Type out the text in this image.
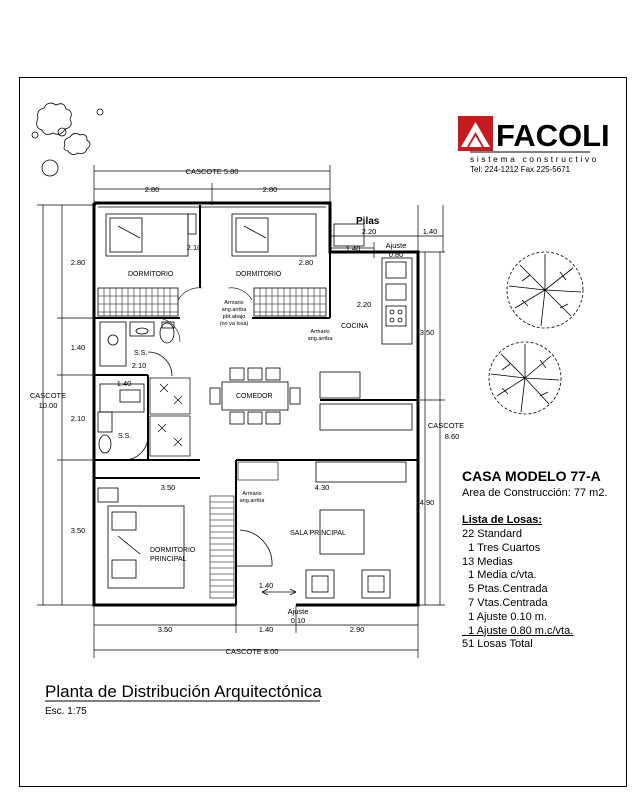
DORMITORIO	DORMITORIO
COCINA
COMEDOR
S.S.
S.S.
DORMITORIO
PRINCIPAL
SALA PRINCIPAL
Pilas
Armario
ang.arriba
pbt.abajo
(no va losa)
Armario
ang.arriba
Armario
ang.arriba
CASCOTE 5.80
2.80	2.80
2.20	1.40
1.40	Ajuste
0.80
CASCOTE
10.00
2.80
1.40
2.10
3.50
CASCOTE
8.60
3.50
4.90
CASCOTE 8.00
3.50	1.40	2.90
Ajuste
0.10
2.10
2.80
2.20
2.10
1.40
3.50	4.30
1.40
FACOLI
sistema constructivo
Tel: 224-1212 Fax 225-5671
CASA MODELO 77-A
Area de Construcción: 77 m2.
Lista de Losas:
22 Standard
1 Tres Cuartos
13 Medias
1 Media c/vta.
5 Ptas.Centrada
7 Vtas.Centrada
1 Ajuste 0.10 m.
1 Ajuste 0.80 m.c/vta.
51 Losas Total
Planta de Distribución Arquitectónica
Esc. 1:75
